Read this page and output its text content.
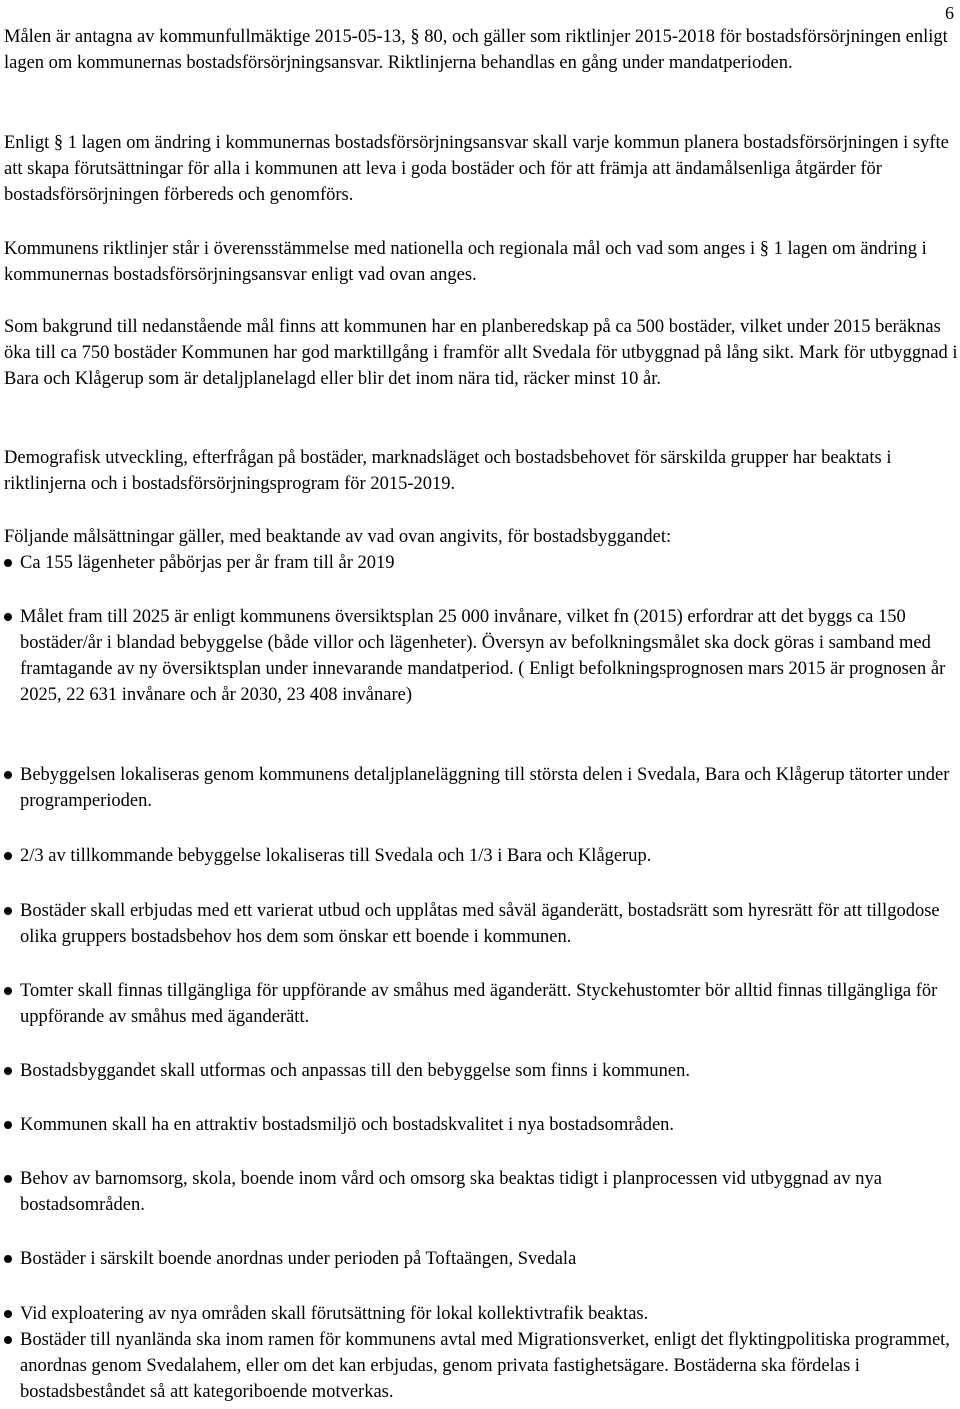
6

Målen är antagna av kommunfullmäktige 2015-05-13, § 80, och gäller som riktlinjer 2015-2018 för bostadsförsörjningen enligt lagen om kommunernas bostadsförsörjningsansvar. Riktlinjerna behandlas en gång under mandatperioden.

Enligt § 1 lagen om ändring i kommunernas bostadsförsörjningsansvar skall varje kommun planera bostadsförsörjningen i syfte att skapa förutsättningar för alla i kommunen att leva i goda bostäder och för att främja att ändamålsenliga åtgärder för bostadsförsörjningen förbereds och genomförs.

Kommunens riktlinjer står i överensstämmelse med nationella och regionala mål och vad som anges i § 1 lagen om ändring i kommunernas bostadsförsörjningsansvar enligt vad ovan anges.

Som bakgrund till nedanstående mål finns att kommunen har en planberedskap på ca 500 bostäder, vilket under 2015 beräknas öka till ca 750 bostäder Kommunen har god marktillgång i framför allt Svedala för utbyggnad på lång sikt. Mark för utbyggnad i Bara och Klågerup som är detaljplanelagd eller blir det inom nära tid, räcker minst 10 år.

Demografisk utveckling, efterfrågan på bostäder, marknadsläget och bostadsbehovet för särskilda grupper har beaktats i riktlinjerna och i bostadsförsörjningsprogram för 2015-2019.

Följande målsättningar gäller, med beaktande av vad ovan angivits, för bostadsbyggandet:

Ca 155 lägenheter påbörjas per år fram till år 2019
Målet fram till 2025 är enligt kommunens översiktsplan 25 000 invånare, vilket fn (2015) erfordrar att det byggs ca 150 bostäder/år i blandad bebyggelse (både villor och lägenheter). Översyn av befolkningsmålet ska dock göras i samband med framtagande av ny översiktsplan under innevarande mandatperiod. ( Enligt befolkningsprognosen mars 2015 är prognosen år 2025, 22 631 invånare och år 2030, 23 408 invånare)
Bebyggelsen lokaliseras genom kommunens detaljplaneläggning till största delen i Svedala, Bara och Klågerup tätorter under programperioden.
2/3 av tillkommande bebyggelse lokaliseras till Svedala och 1/3 i Bara och Klågerup.
Bostäder skall erbjudas med ett varierat utbud och upplåtas med såväl äganderätt, bostadsrätt som hyresrätt för att tillgodose olika gruppers bostadsbehov hos dem som önskar ett boende i kommunen.
Tomter skall finnas tillgängliga för uppförande av småhus med äganderätt. Styckehustomter bör alltid finnas tillgängliga för uppförande av småhus med äganderätt.
Bostadsbyggandet skall utformas och anpassas till den bebyggelse som finns i kommunen.
Kommunen skall ha en attraktiv bostadsmiljö och bostadskvalitet i nya bostadsområden.
Behov av barnomsorg, skola, boende inom vård och omsorg ska beaktas tidigt i planprocessen vid utbyggnad av nya bostadsområden.
Bostäder i särskilt boende anordnas under perioden på Toftaängen, Svedala
Vid exploatering av nya områden skall förutsättning för lokal kollektivtrafik beaktas.
Bostäder till nyanlända ska inom ramen för kommunens avtal med Migrationsverket, enligt det flyktingpolitiska programmet, anordnas genom Svedalahem, eller om det kan erbjudas, genom privata fastighetsägare. Bostäderna ska fördelas i bostadsbeståndet så att kategoriboende motverkas.
